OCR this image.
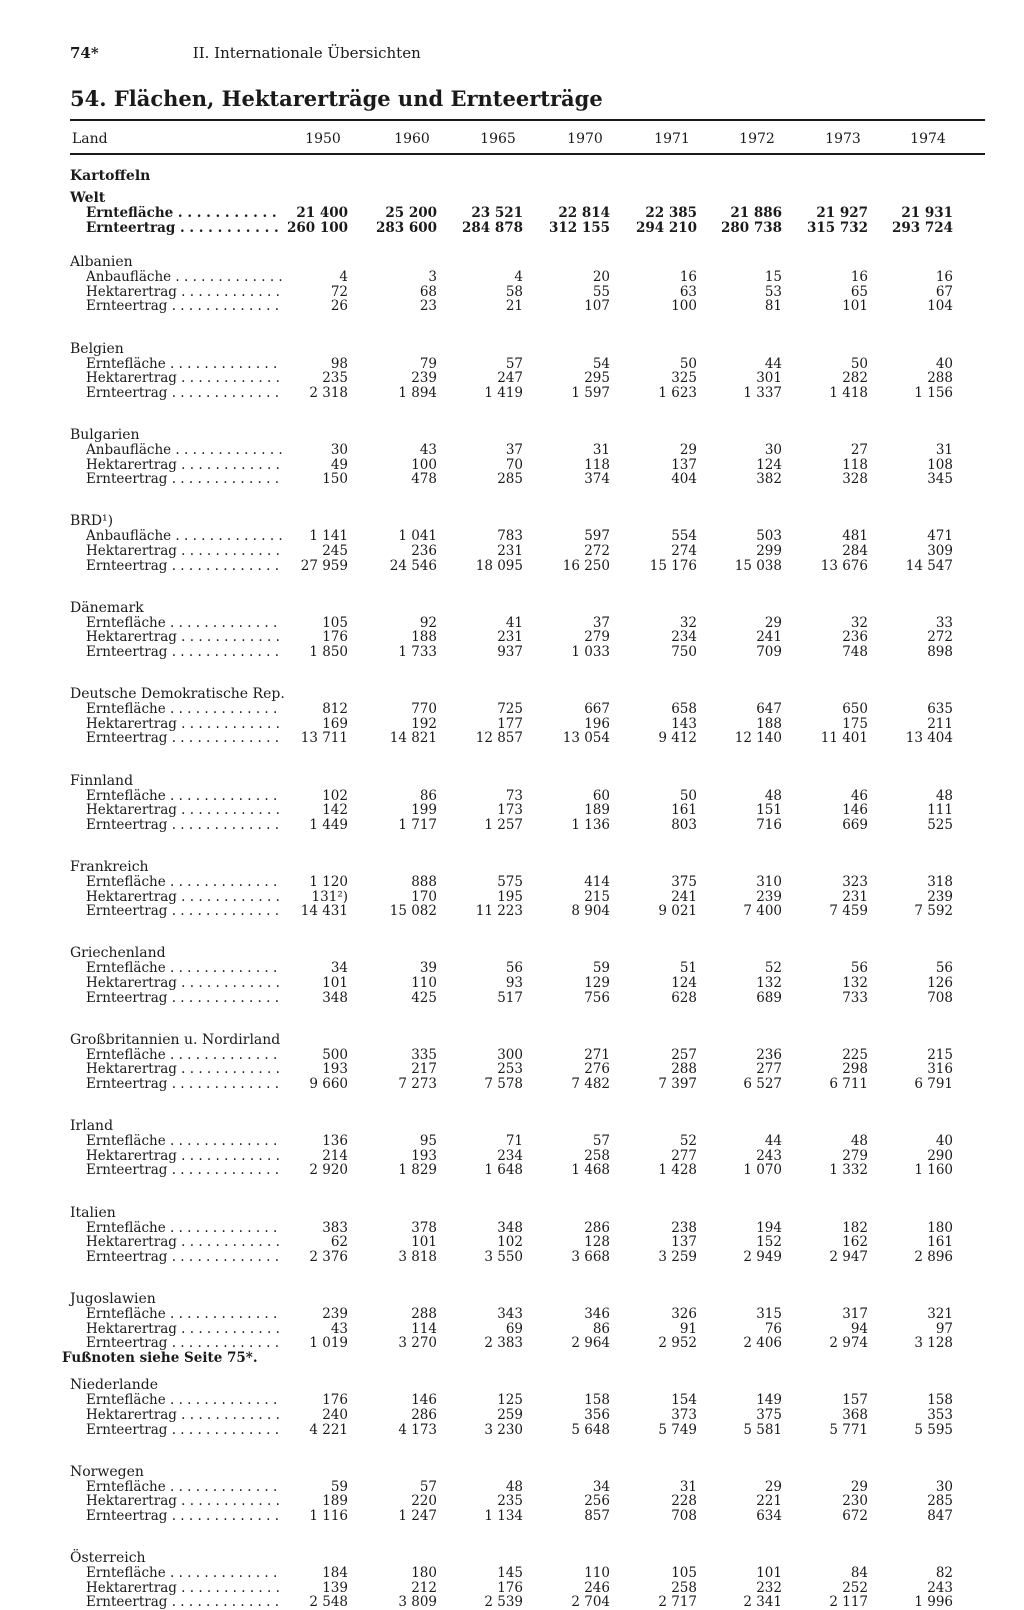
74*	II. Internationale Übersichten
54. Flächen, Hektarerträge und Ernteerträge
Land	1950	1960	1965	1970	1971	1972	1973	1974
Kartoffeln
Welt
Erntefläche . . .	21 400	25 200	23 521	22 814	22 385	21 886	21 927	21 931
Ernteertrag . . .	260 100	283 600	284 878	312 155	294 210	280 738	315 732	293 724
Albanien
Anbaufläche . . .	4	3	4	20	16	15	16	16
Hektarertrag . . .	72	68	58	55	63	53	65	67
Ernteertrag . . .	26	23	21	107	100	81	101	104
Belgien
Erntefläche . . .	98	79	57	54	50	44	50	40
Hektarertrag . . .	235	239	247	295	325	301	282	288
Ernteertrag . . .	2 318	1 894	1 419	1 597	1 623	1 337	1 418	1 156
Bulgarien
Anbaufläche . . .	30	43	37	31	29	30	27	31
Hektarertrag . . .	49	100	70	118	137	124	118	108
Ernteertrag . . .	150	478	285	374	404	382	328	345
BRD¹)
Anbaufläche . . .	1 141	1 041	783	597	554	503	481	471
Hektarertrag . . .	245	236	231	272	274	299	284	309
Ernteertrag . . .	27 959	24 546	18 095	16 250	15 176	15 038	13 676	14 547
Dänemark
Erntefläche . . .	105	92	41	37	32	29	32	33
Hektarertrag . . .	176	188	231	279	234	241	236	272
Ernteertrag . . .	1 850	1 733	937	1 033	750	709	748	898
Deutsche Demokratische Rep.
Erntefläche . . .	812	770	725	667	658	647	650	635
Hektarertrag . . .	169	192	177	196	143	188	175	211
Ernteertrag . . .	13 711	14 821	12 857	13 054	9 412	12 140	11 401	13 404
Finnland
Erntefläche . . .	102	86	73	60	50	48	46	48
Hektarertrag . . .	142	199	173	189	161	151	146	111
Ernteertrag . . .	1 449	1 717	1 257	1 136	803	716	669	525
Frankreich
Erntefläche . . .	1 120	888	575	414	375	310	323	318
Hektarertrag . . .	131²)	170	195	215	241	239	231	239
Ernteertrag . . .	14 431	15 082	11 223	8 904	9 021	7 400	7 459	7 592
Griechenland
Erntefläche . . .	34	39	56	59	51	52	56	56
Hektarertrag . . .	101	110	93	129	124	132	132	126
Ernteertrag . . .	348	425	517	756	628	689	733	708
Großbritannien u. Nordirland
Erntefläche . . .	500	335	300	271	257	236	225	215
Hektarertrag . . .	193	217	253	276	288	277	298	316
Ernteertrag . . .	9 660	7 273	7 578	7 482	7 397	6 527	6 711	6 791
Irland
Erntefläche . . .	136	95	71	57	52	44	48	40
Hektarertrag . . .	214	193	234	258	277	243	279	290
Ernteertrag . . .	2 920	1 829	1 648	1 468	1 428	1 070	1 332	1 160
Italien
Erntefläche . . .	383	378	348	286	238	194	182	180
Hektarertrag . . .	62	101	102	128	137	152	162	161
Ernteertrag . . .	2 376	3 818	3 550	3 668	3 259	2 949	2 947	2 896
Jugoslawien
Erntefläche . . .	239	288	343	346	326	315	317	321
Hektarertrag . . .	43	114	69	86	91	76	94	97
Ernteertrag . . .	1 019	3 270	2 383	2 964	2 952	2 406	2 974	3 128
Niederlande
Erntefläche . . .	176	146	125	158	154	149	157	158
Hektarertrag . . .	240	286	259	356	373	375	368	353
Ernteertrag . . .	4 221	4 173	3 230	5 648	5 749	5 581	5 771	5 595
Norwegen
Erntefläche . . .	59	57	48	34	31	29	29	30
Hektarertrag . . .	189	220	235	256	228	221	230	285
Ernteertrag . . .	1 116	1 247	1 134	857	708	634	672	847
Österreich
Erntefläche . . .	184	180	145	110	105	101	84	82
Hektarertrag . . .	139	212	176	246	258	232	252	243
Ernteertrag . . .	2 548	3 809	2 539	2 704	2 717	2 341	2 117	1 996
Fußnoten siehe Seite 75*.
